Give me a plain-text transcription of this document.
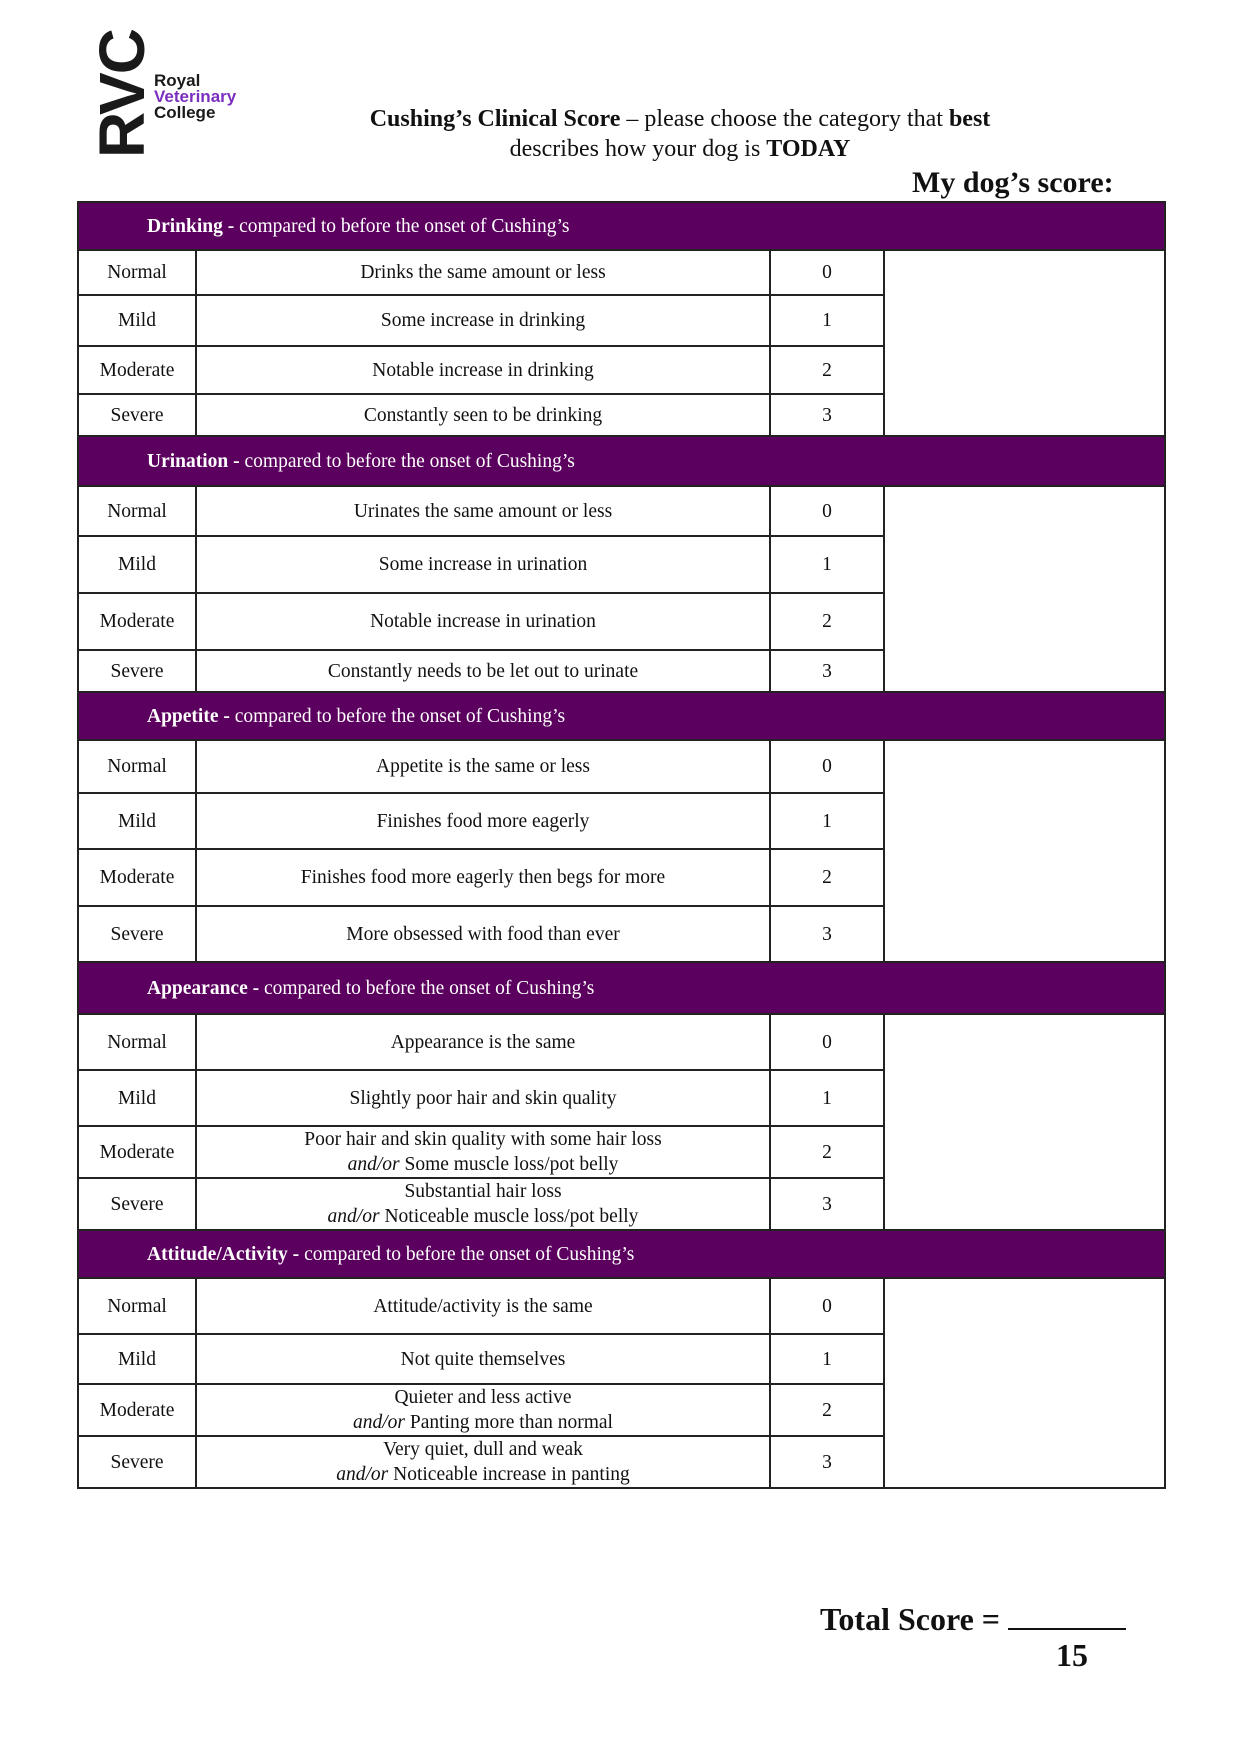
RVC
Royal
Veterinary
College	Cushing’s Clinical Score – please choose the category that best
describes how your dog is TODAY
My dog’s score:
Drinking - compared to before the onset of Cushing’s			
Normal	Drinks the same amount or less	0	
Mild	Some increase in drinking	1	
Moderate	Notable increase in drinking	2	
Severe	Constantly seen to be drinking	3	
Urination - compared to before the onset of Cushing’s			
Normal	Urinates the same amount or less	0	
Mild	Some increase in urination	1	
Moderate	Notable increase in urination	2	
Severe	Constantly needs to be let out to urinate	3	
Appetite - compared to before the onset of Cushing’s			
Normal	Appetite is the same or less	0	
Mild	Finishes food more eagerly	1	
Moderate	Finishes food more eagerly then begs for more	2	
Severe	More obsessed with food than ever	3	
Appearance - compared to before the onset of Cushing’s			
Normal	Appearance is the same	0	
Mild	Slightly poor hair and skin quality	1	
Moderate	Poor hair and skin quality with some hair loss
and/or Some muscle loss/pot belly	2	
Severe	Substantial hair loss
and/or Noticeable muscle loss/pot belly	3	
Attitude/Activity - compared to before the onset of Cushing’s			
Normal	Attitude/activity is the same	0	
Mild	Not quite themselves	1	
Moderate	Quieter and less active
and/or Panting more than normal	2	
Severe	Very quiet, dull and weak
and/or Noticeable increase in panting	3	
Total Score =
15
